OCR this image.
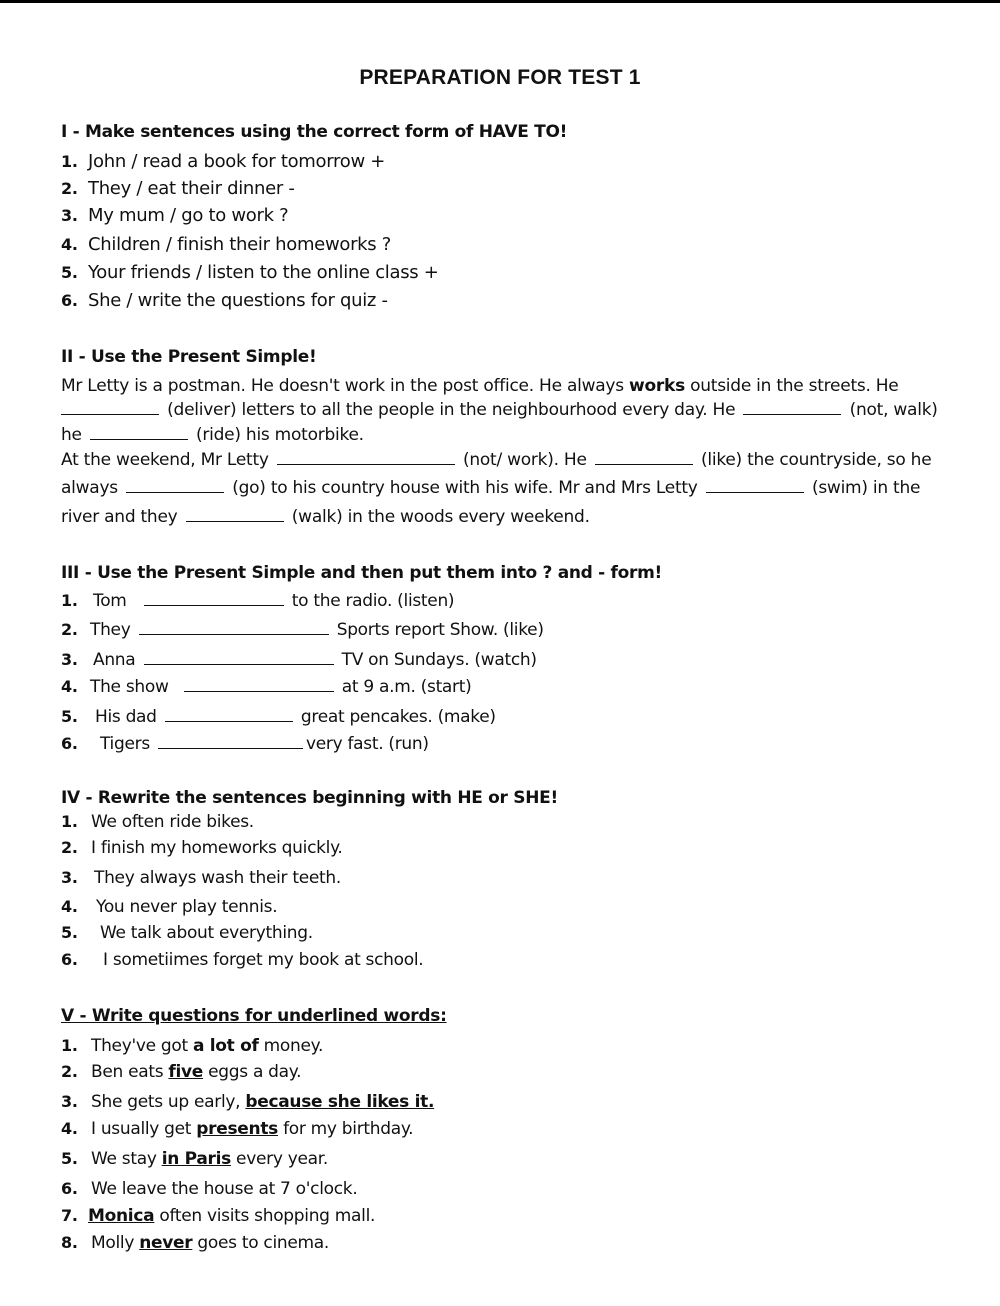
PREPARATION FOR TEST 1
I - Make sentences using the correct form of HAVE TO!
1. John / read a book for tomorrow +
2. They / eat their dinner -
3. My mum / go to work ?
4. Children / finish their homeworks ?
5. Your friends / listen to the online class +
6. She / write the questions for quiz -
II - Use the Present Simple!
Mr Letty is a postman. He doesn't work in the post office. He always works outside in the streets. He
(deliver) letters to all the people in the neighbourhood every day. He	(not, walk)
he	(ride) his motorbike.
At the weekend, Mr Letty	(not/ work). He	(like) the countryside, so he
always	(go) to his country house with his wife. Mr and Mrs Letty	(swim) in the
river and they	(walk) in the woods every weekend.
III - Use the Present Simple and then put them into ? and - form!
1. Tom	to the radio. (listen)
2. They	Sports report Show. (like)
3. Anna	TV on Sundays. (watch)
4. The show	at 9 a.m. (start)
5. His dad	great pencakes. (make)
6. Tigers	very fast. (run)
IV - Rewrite the sentences beginning with HE or SHE!
1. We often ride bikes.
2. I finish my homeworks quickly.
3. They always wash their teeth.
4. You never play tennis.
5. We talk about everything.
6. I sometiimes forget my book at school.
V - Write questions for underlined words:
1. They've got a lot of money.
2. Ben eats five eggs a day.
3. She gets up early, because she likes it.
4. I usually get presents for my birthday.
5. We stay in Paris every year.
6. We leave the house at 7 o'clock.
7. Monica often visits shopping mall.
8. Molly never goes to cinema.
